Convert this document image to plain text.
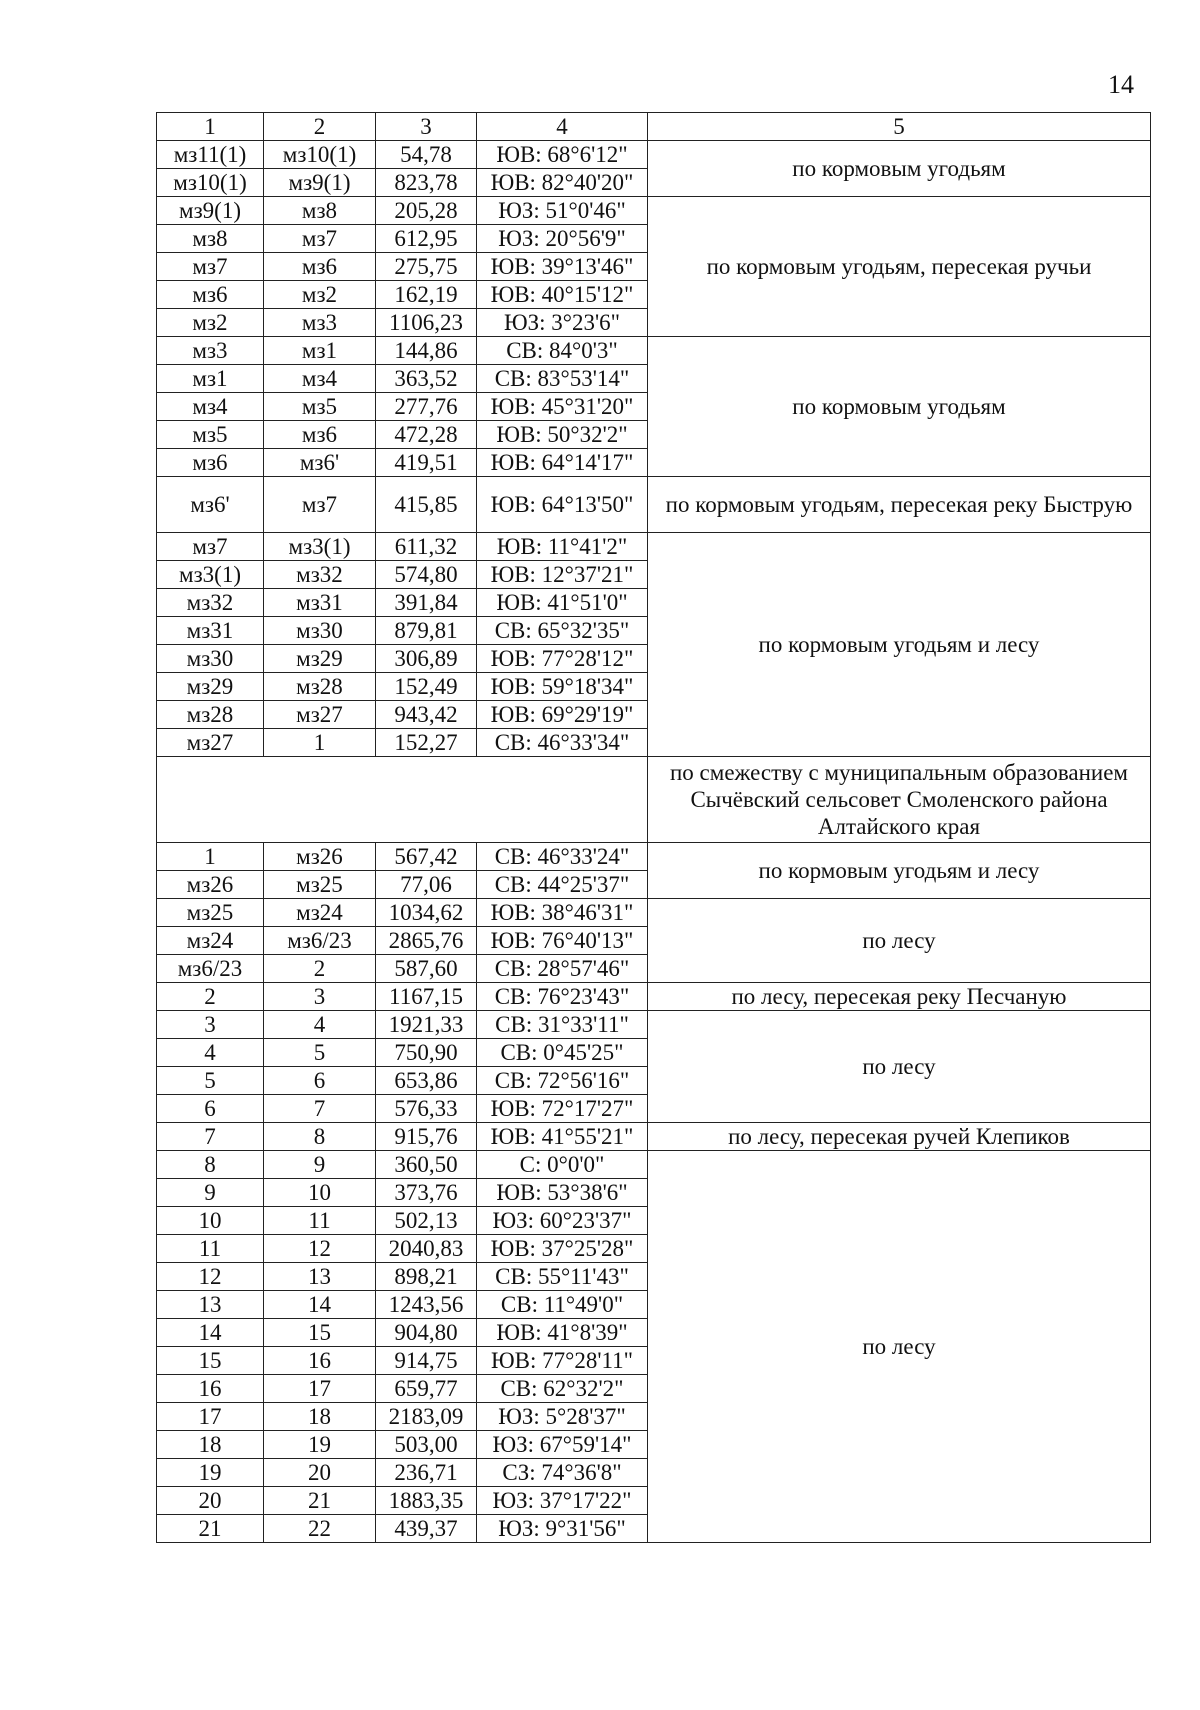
14
1	2	3	4	5
мз11(1)	мз10(1)	54,78	ЮВ: 68°6'12"	по кормовым угодьям
мз10(1)	мз9(1)	823,78	ЮВ: 82°40'20"	
мз9(1)	мз8	205,28	ЮЗ: 51°0'46"	по кормовым угодьям, пересекая ручьи
мз8	мз7	612,95	ЮЗ: 20°56'9"	
мз7	мз6	275,75	ЮВ: 39°13'46"	
мз6	мз2	162,19	ЮВ: 40°15'12"	
мз2	мз3	1106,23	ЮЗ: 3°23'6"	
мз3	мз1	144,86	СВ: 84°0'3"	по кормовым угодьям
мз1	мз4	363,52	СВ: 83°53'14"	
мз4	мз5	277,76	ЮВ: 45°31'20"	
мз5	мз6	472,28	ЮВ: 50°32'2"	
мз6	мз6'	419,51	ЮВ: 64°14'17"	
мз6'	мз7	415,85	ЮВ: 64°13'50"	по кормовым угодьям, пересекая реку Быструю
мз7	мз3(1)	611,32	ЮВ: 11°41'2"	по кормовым угодьям и лесу
мз3(1)	мз32	574,80	ЮВ: 12°37'21"	
мз32	мз31	391,84	ЮВ: 41°51'0"	
мз31	мз30	879,81	СВ: 65°32'35"	
мз30	мз29	306,89	ЮВ: 77°28'12"	
мз29	мз28	152,49	ЮВ: 59°18'34"	
мз28	мз27	943,42	ЮВ: 69°29'19"	
мз27	1	152,27	СВ: 46°33'34"	
				по смежеству с муниципальным образованием Сычёвский сельсовет Смоленского района Алтайского края
1	мз26	567,42	СВ: 46°33'24"	по кормовым угодьям и лесу
мз26	мз25	77,06	СВ: 44°25'37"	
мз25	мз24	1034,62	ЮВ: 38°46'31"	по лесу
мз24	мз6/23	2865,76	ЮВ: 76°40'13"	
мз6/23	2	587,60	СВ: 28°57'46"	
2	3	1167,15	СВ: 76°23'43"	по лесу, пересекая реку Песчаную
3	4	1921,33	СВ: 31°33'11"	по лесу
4	5	750,90	СВ: 0°45'25"	
5	6	653,86	СВ: 72°56'16"	
6	7	576,33	ЮВ: 72°17'27"	
7	8	915,76	ЮВ: 41°55'21"	по лесу, пересекая ручей Клепиков
8	9	360,50	С: 0°0'0"	по лесу
9	10	373,76	ЮВ: 53°38'6"	
10	11	502,13	ЮЗ: 60°23'37"	
11	12	2040,83	ЮВ: 37°25'28"	
12	13	898,21	СВ: 55°11'43"	
13	14	1243,56	СВ: 11°49'0"	
14	15	904,80	ЮВ: 41°8'39"	
15	16	914,75	ЮВ: 77°28'11"	
16	17	659,77	СВ: 62°32'2"	
17	18	2183,09	ЮЗ: 5°28'37"	
18	19	503,00	ЮЗ: 67°59'14"	
19	20	236,71	СЗ: 74°36'8"	
20	21	1883,35	ЮЗ: 37°17'22"	
21	22	439,37	ЮЗ: 9°31'56"	
